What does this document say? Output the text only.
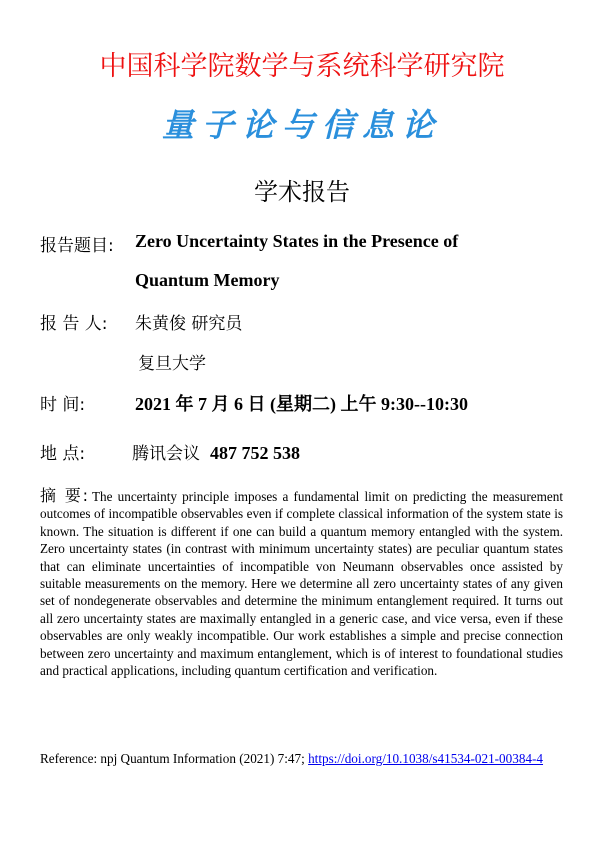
中国科学院数学与系统科学研究院
量子论与信息论
学术报告
报告题目: Zero Uncertainty States in the Presence of
Quantum Memory
报 告 人: 朱黄俊 研究员
复旦大学
时 间:	2021 年 7 月 6 日 (星期二) 上午 9:30--10:30
地 点:	腾讯会议 487 752 538
摘 要: The uncertainty principle imposes a fundamental limit on predicting the measurement outcomes of incompatible observables even if complete classical information of the system state is known. The situation is different if one can build a quantum memory entangled with the system. Zero uncertainty states (in contrast with minimum uncertainty states) are peculiar quantum states that can eliminate uncertainties of incompatible von Neumann observables once assisted by suitable measurements on the memory. Here we determine all zero uncertainty states of any given set of nondegenerate observables and determine the minimum entanglement required. It turns out all zero uncertainty states are maximally entangled in a generic case, and vice versa, even if these observables are only weakly incompatible. Our work establishes a simple and precise connection between zero uncertainty and maximum entanglement, which is of interest to foundational studies and practical applications, including quantum certification and verification.
Reference: npj Quantum Information (2021) 7:47; https://doi.org/10.1038/s41534-021-00384-4
